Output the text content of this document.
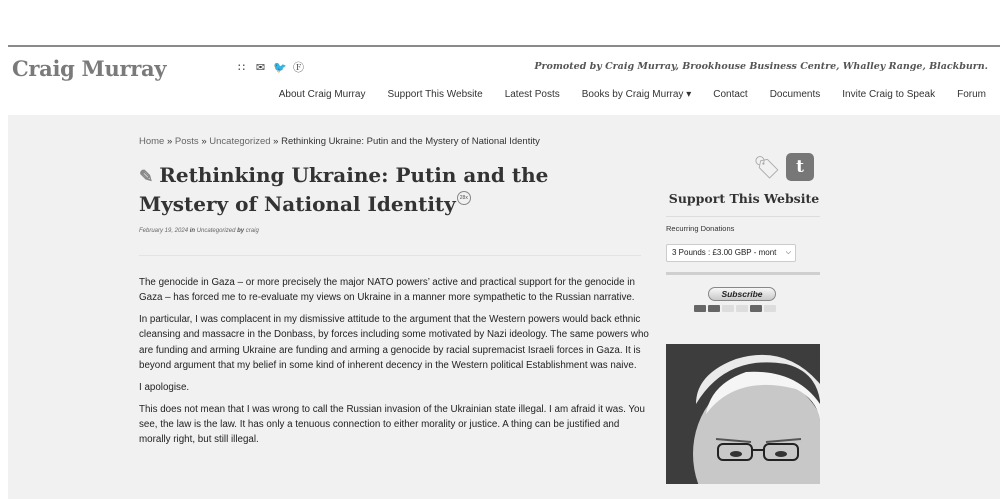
Craig Murray	∷ ✉ 🐦 Ⓕ	Promoted by Craig Murray, Brookhouse Business Centre, Whalley Range, Blackburn.
About Craig Murray	Support This Website	Latest Posts	Books by Craig Murray ▾	Contact	Documents	Invite Craig to Speak	Forum
Home » Posts » Uncategorized » Rethinking Ukraine: Putin and the Mystery of National Identity
✎ Rethinking Ukraine: Putin and the Mystery of National Identity 28x
February 19, 2024 in Uncategorized by craig

The genocide in Gaza – or more precisely the major NATO powers’ active and practical support for the genocide in Gaza – has forced me to re-evaluate my views on Ukraine in a manner more sympathetic to the Russian narrative.

In particular, I was complacent in my dismissive attitude to the argument that the Western powers would back ethnic cleansing and massacre in the Donbass, by forces including some motivated by Nazi ideology. The same powers who are funding and arming Ukraine are funding and arming a genocide by racial supremacist Israeli forces in Gaza. It is beyond argument that my belief in some kind of inherent decency in the Western political Establishment was naive.

I apologise.

This does not mean that I was wrong to call the Russian invasion of the Ukrainian state illegal. I am afraid it was. You see, the law is the law. It has only a tenuous connection to either morality or justice. A thing can be justified and morally right, but still illegal.

🏷 t
Support This Website
Recurring Donations
3 Pounds : £3.00 GBP - mont ⌵
Subscribe
